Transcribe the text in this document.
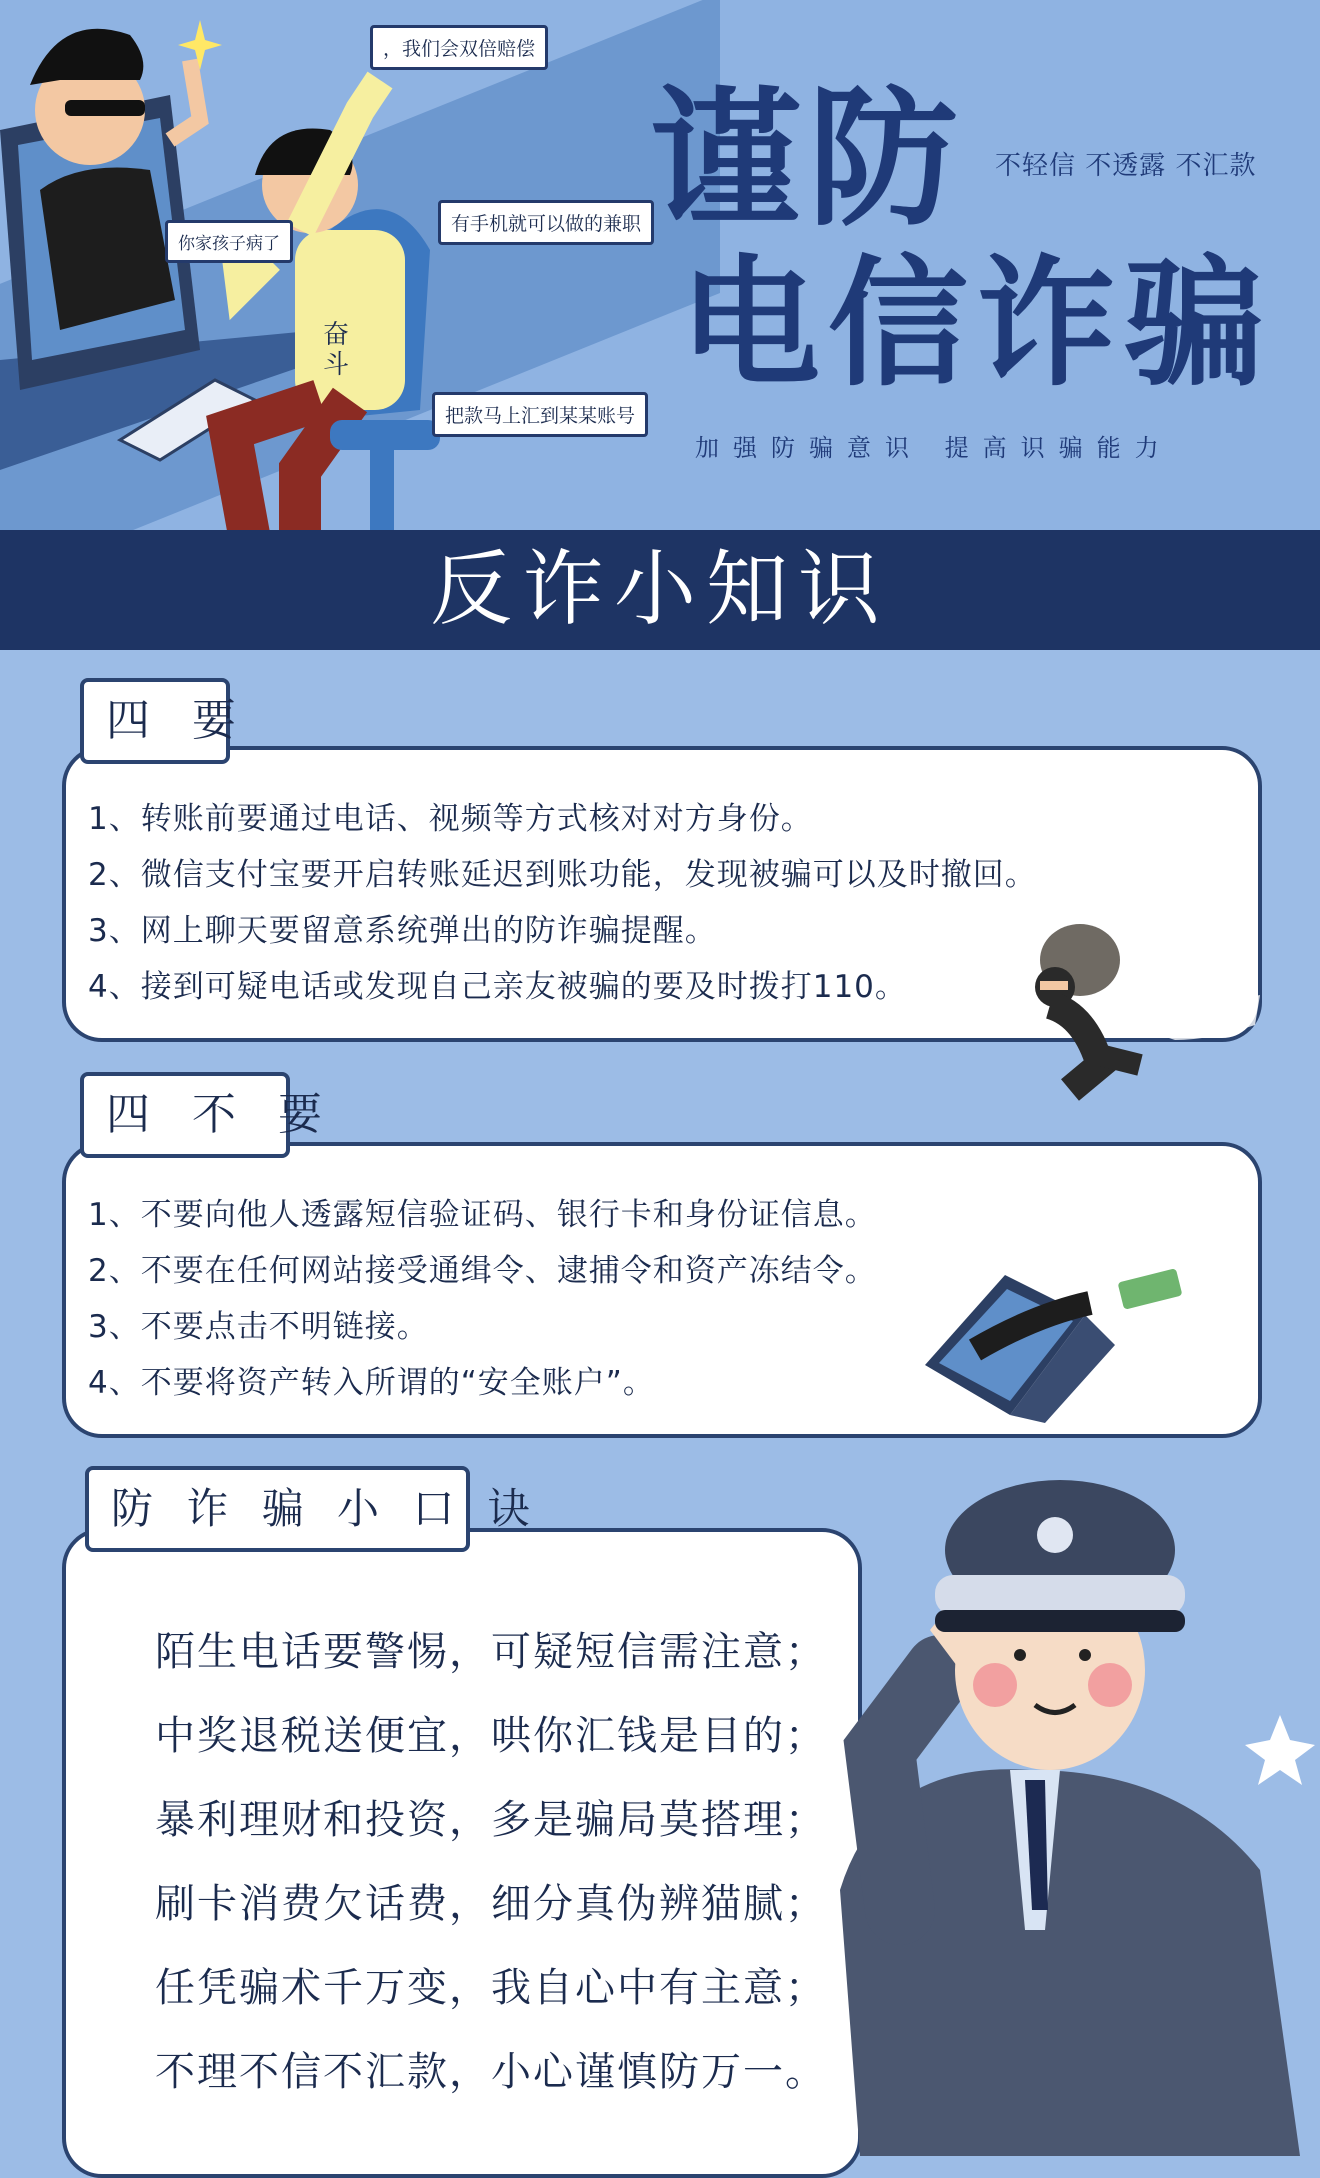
，我们会双倍赔偿
你家孩子病了
有手机就可以做的兼职
把款马上汇到某某账号
奋斗
谨防
电信诈骗
不轻信 不透露 不汇款
加强防骗意识 提高识骗能力
反诈小知识
四 要
1、转账前要通过电话、视频等方式核对对方身份。
2、微信支付宝要开启转账延迟到账功能，发现被骗可以及时撤回。
3、网上聊天要留意系统弹出的防诈骗提醒。
4、接到可疑电话或发现自己亲友被骗的要及时拨打110。
四 不 要
1、不要向他人透露短信验证码、银行卡和身份证信息。
2、不要在任何网站接受通缉令、逮捕令和资产冻结令。
3、不要点击不明链接。
4、不要将资产转入所谓的“安全账户”。
防 诈 骗 小 口 诀
陌生电话要警惕，可疑短信需注意；
中奖退税送便宜，哄你汇钱是目的；
暴利理财和投资，多是骗局莫搭理；
刷卡消费欠话费，细分真伪辨猫腻；
任凭骗术千万变，我自心中有主意；
不理不信不汇款，小心谨慎防万一。
